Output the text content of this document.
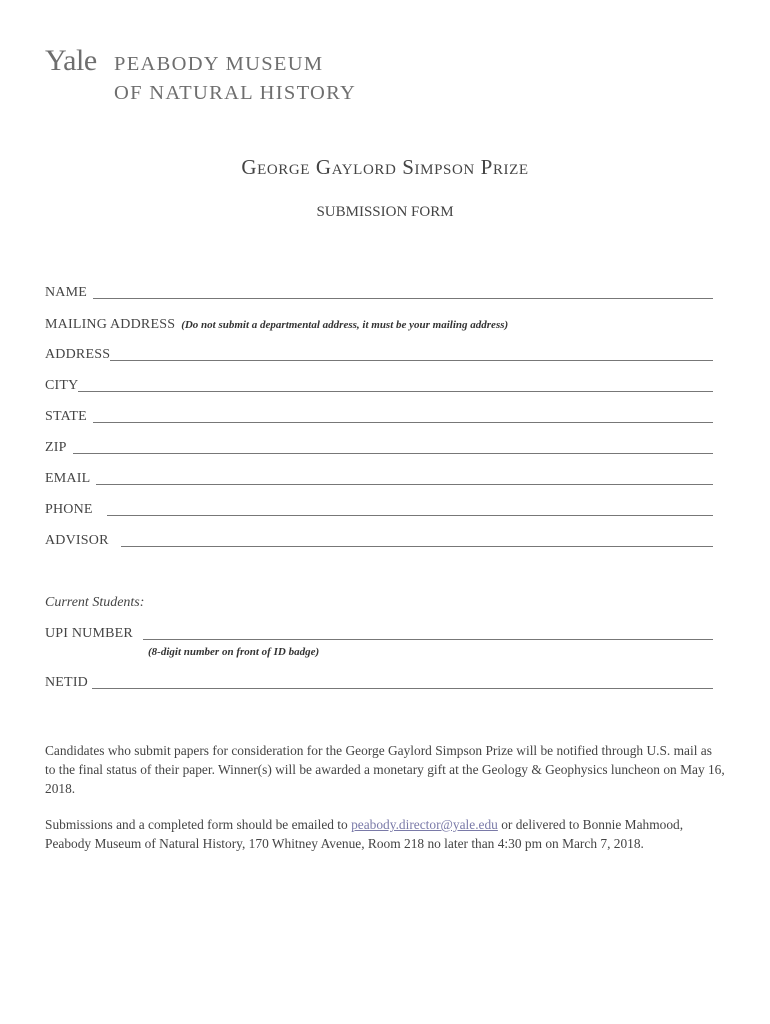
Yale PEABODY MUSEUM
OF NATURAL HISTORY
George Gaylord Simpson Prize
SUBMISSION FORM
NAME
MAILING ADDRESS (Do not submit a departmental address, it must be your mailing address)
ADDRESS
CITY
STATE
ZIP
EMAIL
PHONE
ADVISOR
Current Students:
UPI NUMBER
(8-digit number on front of ID badge)
NETID
Candidates who submit papers for consideration for the George Gaylord Simpson Prize will be notified through U.S. mail as to the final status of their paper. Winner(s) will be awarded a monetary gift at the Geology & Geophysics luncheon on May 16, 2018.
Submissions and a completed form should be emailed to peabody.director@yale.edu or delivered to Bonnie Mahmood, Peabody Museum of Natural History, 170 Whitney Avenue, Room 218 no later than 4:30 pm on March 7, 2018.
